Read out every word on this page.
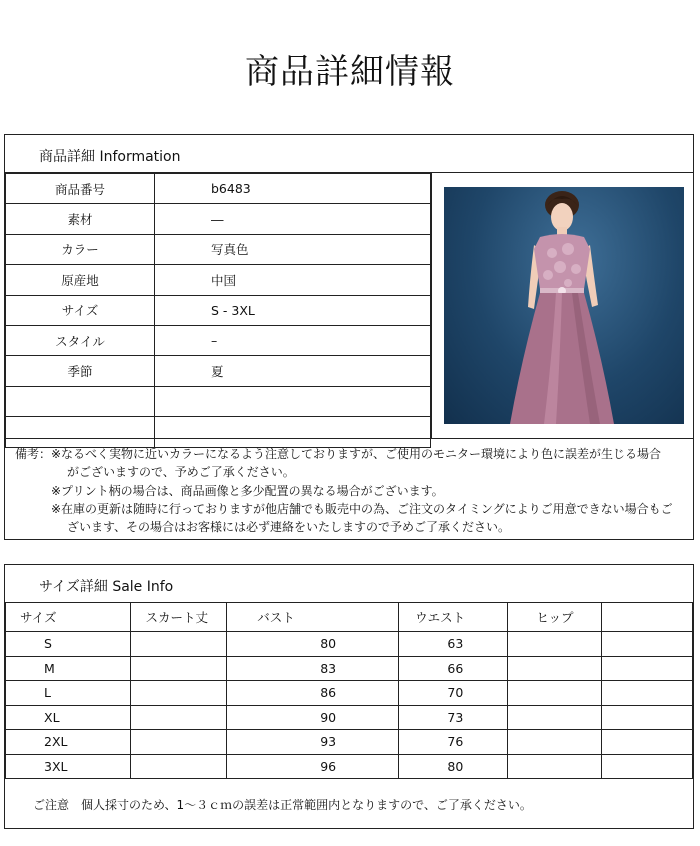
商品詳細情報
商品詳細 Information
商品番号	b6483
素材	―
カラー	写真色
原産地	中国
サイズ	S - 3XL
スタイル	–
季節	夏

備考：※なるべく実物に近いカラーになるよう注意しておりますが、ご使用のモニター環境により色に誤差が生じる場合
がございますので、予めご了承ください。
※プリント柄の場合は、商品画像と多少配置の異なる場合がございます。
※在庫の更新は随時に行っておりますが他店舗でも販売中の為、ご注文のタイミングによりご用意できない場合もご
ざいます、その場合はお客様には必ず連絡をいたしますので予めご了承ください。
サイズ詳細 Sale Info
サイズ	スカート丈	バスト	ウエスト	ヒップ		
S		80	63			
M		83	66			
L		86	70			
XL		90	73			
2XL		93	76			
3XL		96	80			
ご注意　個人採寸のため、1～３ｃｍの誤差は正常範囲内となりますので、ご了承ください。
